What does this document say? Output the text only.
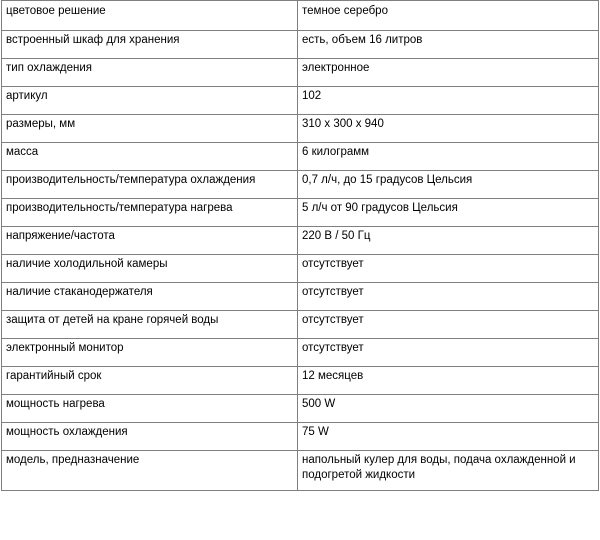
цветовое решение	темное серебро
встроенный шкаф для хранения	есть, объем 16 литров
тип охлаждения	электронное
артикул	102
размеры, мм	310 х 300 х 940
масса	6 килограмм
производительность/температура охлаждения	0,7 л/ч, до 15 градусов Цельсия
производительность/температура нагрева	5 л/ч от 90 градусов Цельсия
напряжение/частота	220 В / 50 Гц
наличие холодильной камеры	отсутствует
наличие стаканодержателя	отсутствует
защита от детей на кране горячей воды	отсутствует
электронный монитор	отсутствует
гарантийный срок	12 месяцев
мощность нагрева	500 W
мощность охлаждения	75 W
модель, предназначение	напольный кулер для воды, подача охлажденной и подогретой жидкости
